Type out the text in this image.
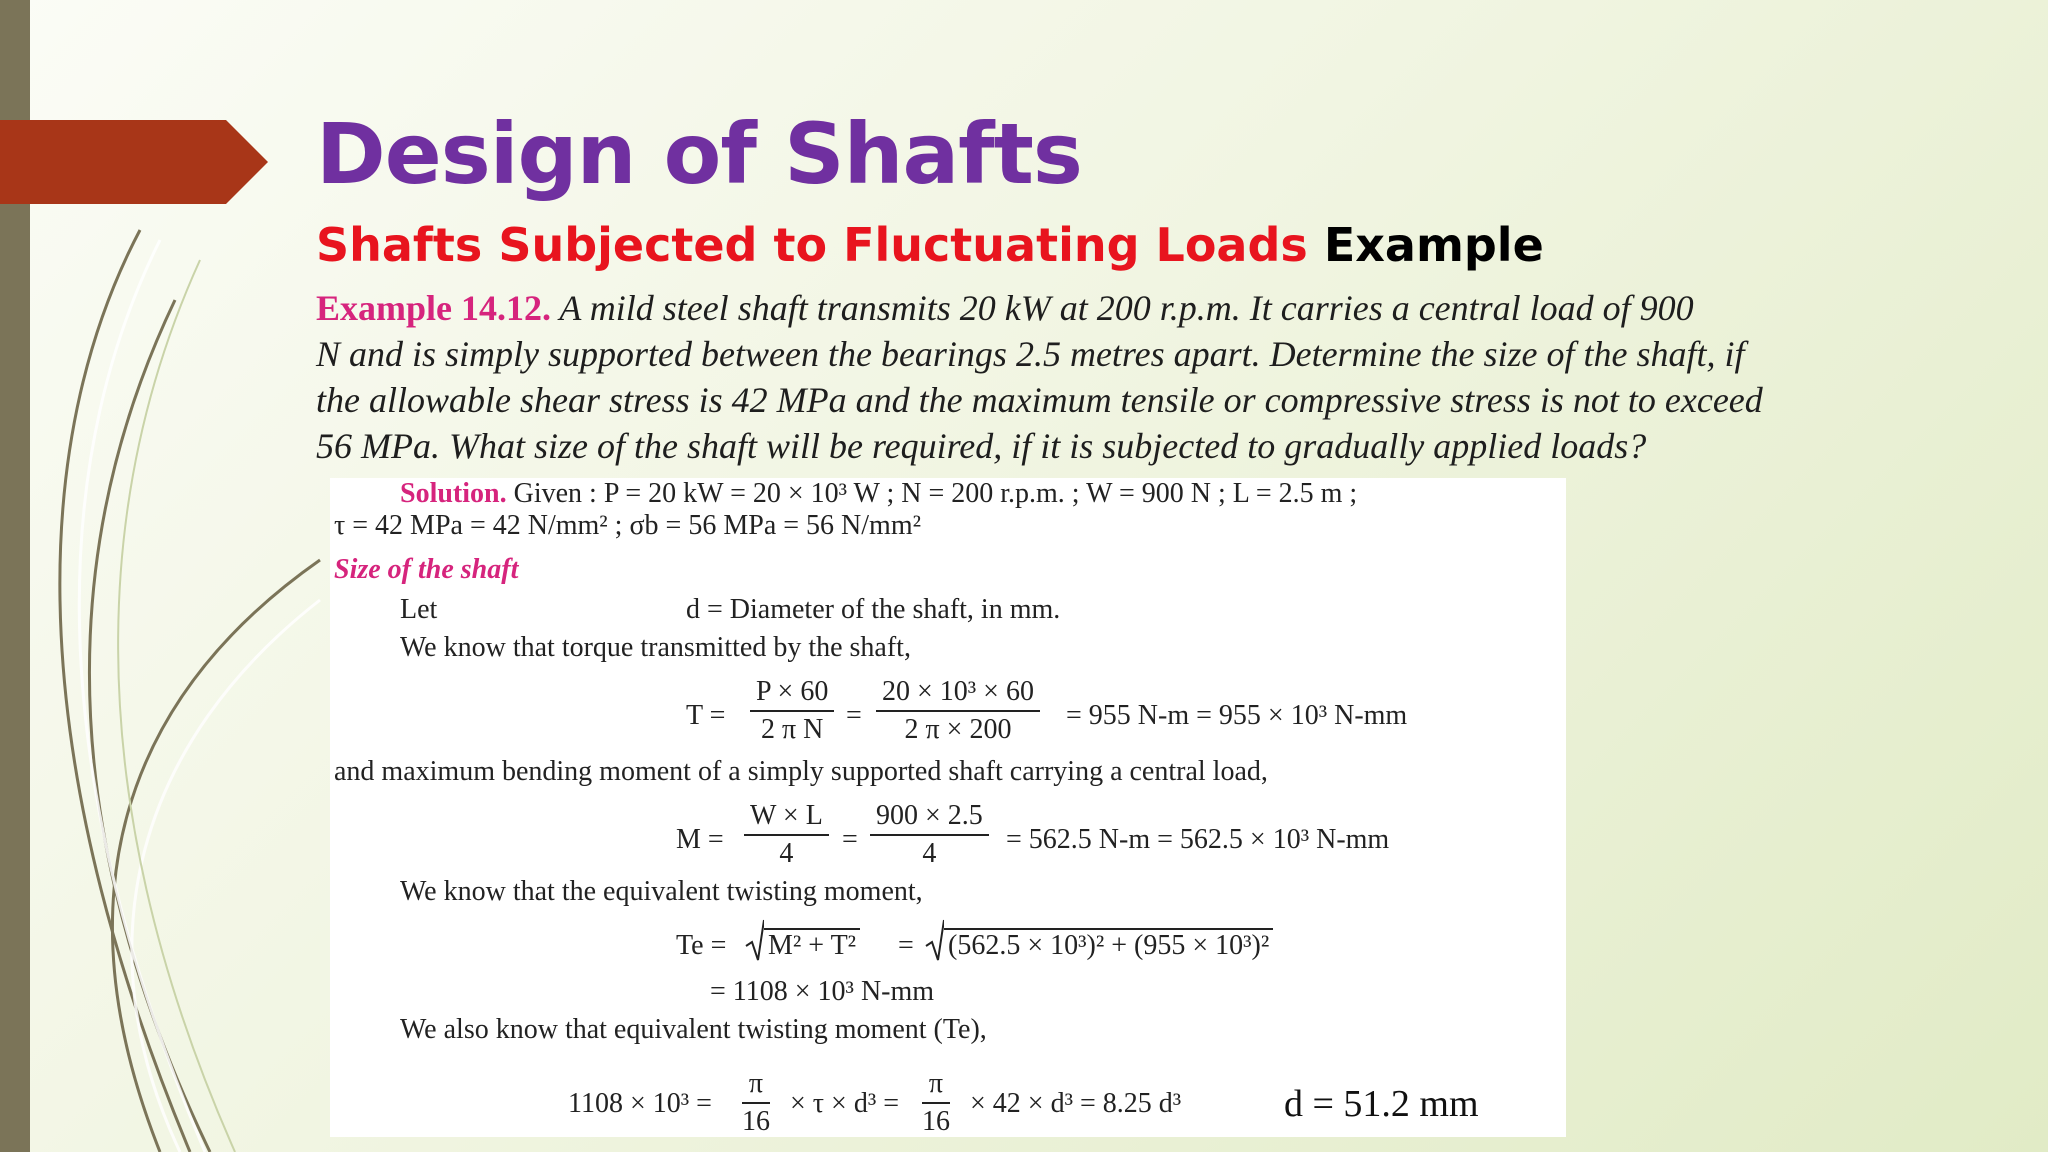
Design of Shafts
Shafts Subjected to Fluctuating Loads Example
Example 14.12. A mild steel shaft transmits 20 kW at 200 r.p.m. It carries a central load of 900
N and is simply supported between the bearings 2.5 metres apart. Determine the size of the shaft, if
the allowable shear stress is 42 MPa and the maximum tensile or compressive stress is not to exceed
56 MPa. What size of the shaft will be required, if it is subjected to gradually applied loads?
Solution. Given : P = 20 kW = 20 × 10³ W ; N = 200 r.p.m. ; W = 900 N ; L = 2.5 m ;
τ = 42 MPa = 42 N/mm² ; σb = 56 MPa = 56 N/mm²
Size of the shaft
Let	d = Diameter of the shaft, in mm.
We know that torque transmitted by the shaft,
$T = \frac{P \times 60}{\text{2 π N}} = \frac{\text{20 × 10³ × 60}}{2 \pi \times 200} = 955$ N-m = 955 × 10³ N-mm
and maximum bending moment of a simply supported shaft carrying a central load,
$M = \frac{W \times L}{4} = \frac{900 \times 2.5}{4} = 562.5$ N-m = 562.5 × 10³ N-mm
We know that the equivalent twisting moment,
Te = M² + T² = (562.5 × 10³)² + (955 × 10³)²
= 1108 × 10³ N-mm
We also know that equivalent twisting moment (Te),
$1108 \times 10^3 = \frac{\pi}{16} \times \tau \times d^3 = \frac{\pi}{16} \times 42 \times d^3 = 8.25$ d³	d = 51.2 mm
